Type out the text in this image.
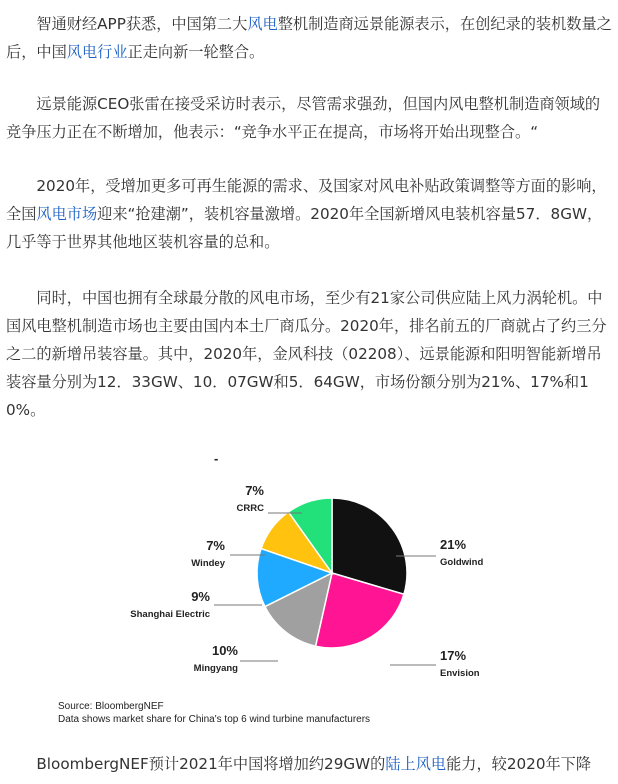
智通财经APP获悉，中国第二大风电整机制造商远景能源表示，在创纪录的装机数量之后，中国风电行业正走向新一轮整合。

远景能源CEO张雷在接受采访时表示，尽管需求强劲，但国内风电整机制造商领域的竞争压力正在不断增加，他表示：“竞争水平正在提高，市场将开始出现整合。“

2020年，受增加更多可再生能源的需求、及国家对风电补贴政策调整等方面的影响，全国风电市场迎来“抢建潮”，装机容量激增。2020年全国新增风电装机容量57．8GW，几乎等于世界其他地区装机容量的总和。

同时，中国也拥有全球最分散的风电市场，至少有21家公司供应陆上风力涡轮机。中国风电整机制造市场也主要由国内本土厂商瓜分。2020年，排名前五的厂商就占了约三分之二的新增吊装容量。其中，2020年，金风科技（02208）、远景能源和阳明智能新增吊装容量分别为12．33GW、10．07GW和5．64GW，市场份额分别为21%、17%和10%。

-
21%
Goldwind
17%
Envision
10%
Mingyang
9%
Shanghai Electric
7%
Windey
7%
CRRC
Source: BloombergNEF
Data shows market share for China's top 6 wind turbine manufacturers

BloombergNEF预计2021年中国将增加约29GW的陆上风电能力，较2020年下降
